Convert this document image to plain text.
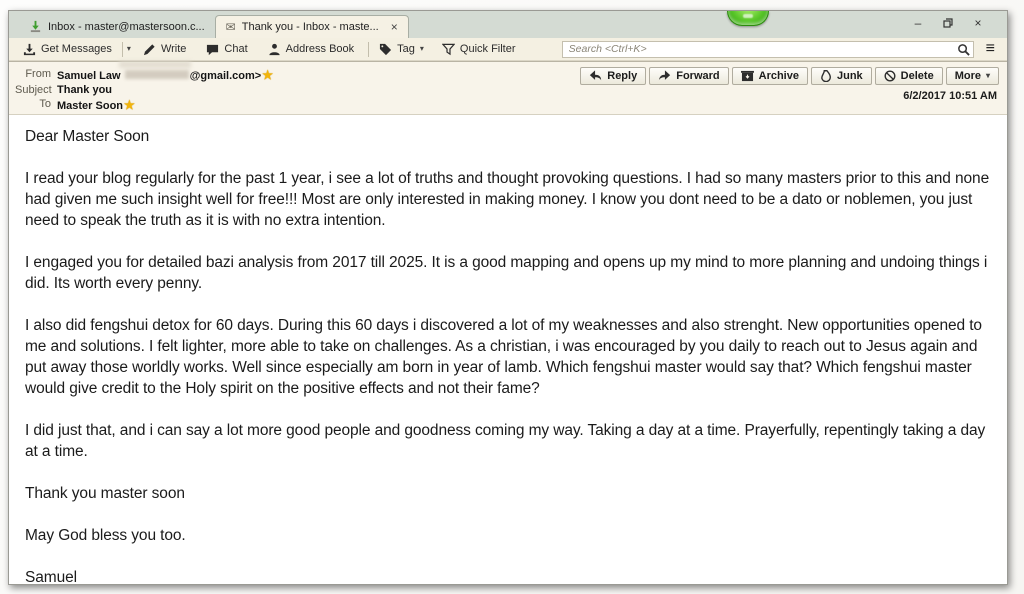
Inbox - master@mastersoon.c... ✉ Thank you - Inbox - maste... ×	–	×
Get Messages ▾	Write	Chat	Address Book	Tag ▾	Quick Filter
Search <Ctrl+K>	≡
From Samuel Law	@gmail.com>★
Subject Thank you
To Master Soon★
Reply	Forward	Archive	Junk	Delete More ▾
6/2/2017 10:51 AM

Dear Master Soon

I read your blog regularly for the past 1 year, i see a lot of truths and thought provoking questions. I had so many masters prior to this and none had given me such insight well for free!!! Most are only interested in making money. I know you dont need to be a dato or noblemen, you just need to speak the truth as it is with no extra intention.

I engaged you for detailed bazi analysis from 2017 till 2025. It is a good mapping and opens up my mind to more planning and undoing things i did. Its worth every penny.

I also did fengshui detox for 60 days. During this 60 days i discovered a lot of my weaknesses and also strenght. New opportunities opened to me and solutions. I felt lighter, more able to take on challenges. As a christian, i was encouraged by you daily to reach out to Jesus again and put away those worldly works. Well since especially am born in year of lamb. Which fengshui master would say that? Which fengshui master would give credit to the Holy spirit on the positive effects and not their fame?

I did just that, and i can say a lot more good people and goodness coming my way. Taking a day at a time. Prayerfully, repentingly taking a day at a time.

Thank you master soon

May God bless you too.

Samuel
